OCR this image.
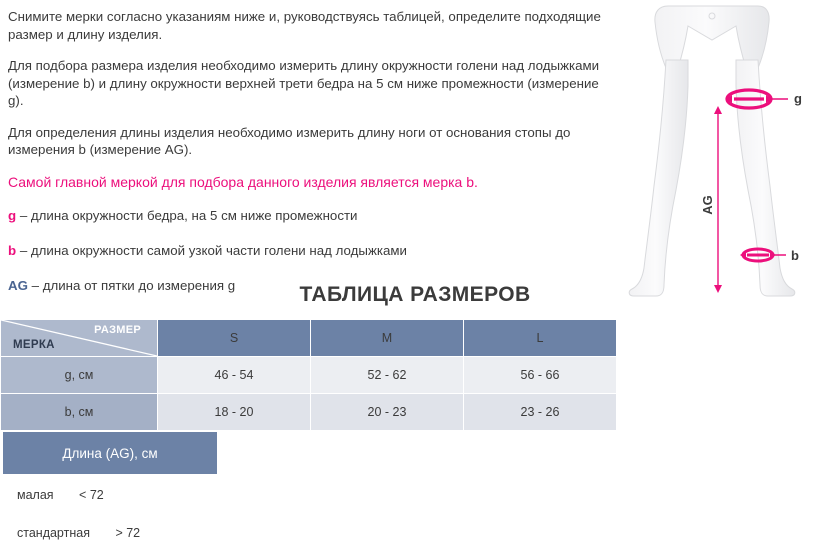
Снимите мерки согласно указаниям ниже и, руководствуясь таблицей, определите подходящие размер и длину изделия.

Для подбора размера изделия необходимо измерить длину окружности голени над лодыжками (измерение b) и длину окружности верхней трети бедра на 5 см ниже промежности (измерение g).

Для определения длины изделия необходимо измерить длину ноги от основания стопы до измерения b (измерение AG).

Самой главной меркой для подбора данного изделия является мерка b.

g – длина окружности бедра, на 5 см ниже промежности

b – длина окружности самой узкой части голени над лодыжками

AG – длина от пятки до измерения g

g
b
AG
ТАБЛИЦА РАЗМЕРОВ
РАЗМЕР
МЕРКА	S	M	L
g, см	46 - 54	52 - 62	56 - 66
b, см	18 - 20	20 - 23	23 - 26
Длина (AG), см
малая < 72
стандартная > 72
